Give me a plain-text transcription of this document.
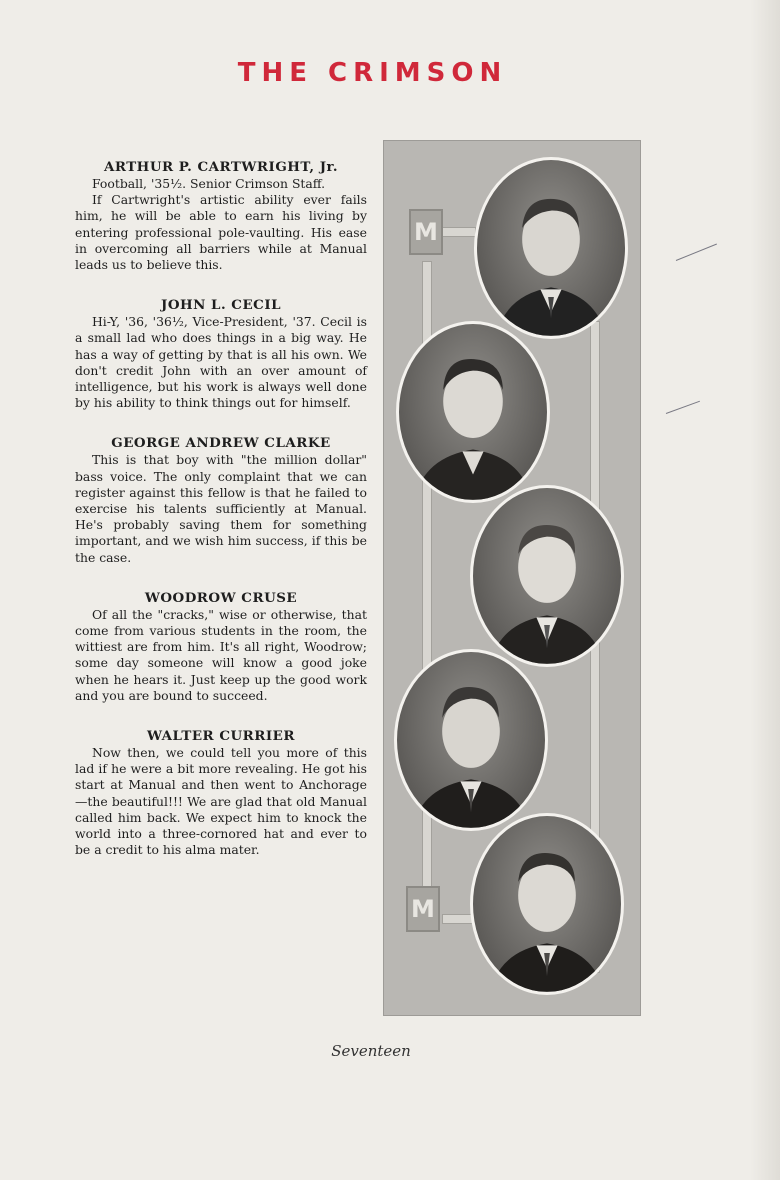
THE CRIMSON
ARTHUR P. CARTWRIGHT, Jr.

Football, '35½. Senior Crimson Staff.

If Cartwright's artistic ability ever fails him, he will be able to earn his living by entering professional pole-vaulting. His ease in overcoming all barriers while at Manual leads us to believe this.

JOHN L. CECIL

Hi-Y, '36, '36½, Vice-President, '37. Cecil is a small lad who does things in a big way. He has a way of getting by that is all his own. We don't credit John with an over amount of intelligence, but his work is always well done by his ability to think things out for himself.

GEORGE ANDREW CLARKE

This is that boy with "the million dollar" bass voice. The only complaint that we can register against this fellow is that he failed to exercise his talents sufficiently at Manual. He's probably saving them for something important, and we wish him success, if this be the case.

WOODROW CRUSE

Of all the "cracks," wise or otherwise, that come from various students in the room, the wittiest are from him. It's all right, Woodrow; some day someone will know a good joke when he hears it. Just keep up the good work and you are bound to succeed.

WALTER CURRIER

Now then, we could tell you more of this lad if he were a bit more revealing. He got his start at Manual and then went to Anchorage—the beautiful!!! We are glad that old Manual called him back. We expect him to knock the world into a three-cornored hat and ever to be a credit to his alma mater.

M
M

Seventeen
